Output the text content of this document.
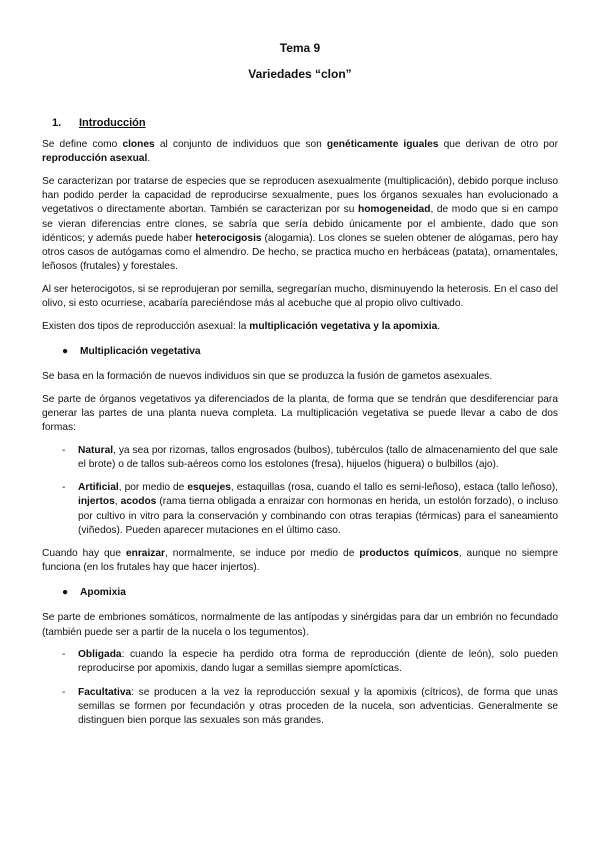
Tema 9
Variedades “clon”
1. Introducción

Se define como clones al conjunto de individuos que son genéticamente iguales que derivan de otro por reproducción asexual.

Se caracterizan por tratarse de especies que se reproducen asexualmente (multiplicación), debido porque incluso han podido perder la capacidad de reproducirse sexualmente, pues los órganos sexuales han evolucionado a vegetativos o directamente abortan. También se caracterizan por su homogeneidad, de modo que si en campo se vieran diferencias entre clones, se sabría que sería debido únicamente por el ambiente, dado que son idénticos; y además puede haber heterocigosis (alogamia). Los clones se suelen obtener de alógamas, pero hay otros casos de autógamas como el almendro. De hecho, se practica mucho en herbáceas (patata), ornamentales, leñosos (frutales) y forestales.

Al ser heterocigotos, si se reprodujeran por semilla, segregarían mucho, disminuyendo la heterosis. En el caso del olivo, si esto ocurriese, acabaría pareciéndose más al acebuche que al propio olivo cultivado.

Existen dos tipos de reproducción asexual: la multiplicación vegetativa y la apomixia.

● Multiplicación vegetativa

Se basa en la formación de nuevos individuos sin que se produzca la fusión de gametos asexuales.

Se parte de órganos vegetativos ya diferenciados de la planta, de forma que se tendrán que desdiferenciar para generar las partes de una planta nueva completa. La multiplicación vegetativa se puede llevar a cabo de dos formas:

- Natural, ya sea por rizomas, tallos engrosados (bulbos), tubérculos (tallo de almacenamiento del que sale el brote) o de tallos sub-aéreos como los estolones (fresa), hijuelos (higuera) o bulbillos (ajo).
- Artificial, por medio de esquejes, estaquillas (rosa, cuando el tallo es semi-leñoso), estaca (tallo leñoso), injertos, acodos (rama tierna obligada a enraizar con hormonas en herida, un estolón forzado), o incluso por cultivo in vitro para la conservación y combinando con otras terapias (térmicas) para el saneamiento (viñedos). Pueden aparecer mutaciones en el último caso.

Cuando hay que enraizar, normalmente, se induce por medio de productos químicos, aunque no siempre funciona (en los frutales hay que hacer injertos).

● Apomixia

Se parte de embriones somáticos, normalmente de las antípodas y sinérgidas para dar un embrión no fecundado (también puede ser a partir de la nucela o los tegumentos).

- Obligada: cuando la especie ha perdido otra forma de reproducción (diente de león), solo pueden reproducirse por apomixis, dando lugar a semillas siempre apomícticas.
- Facultativa: se producen a la vez la reproducción sexual y la apomixis (cítricos), de forma que unas semillas se formen por fecundación y otras proceden de la nucela, son adventicias. Generalmente se distinguen bien porque las sexuales son más grandes.
